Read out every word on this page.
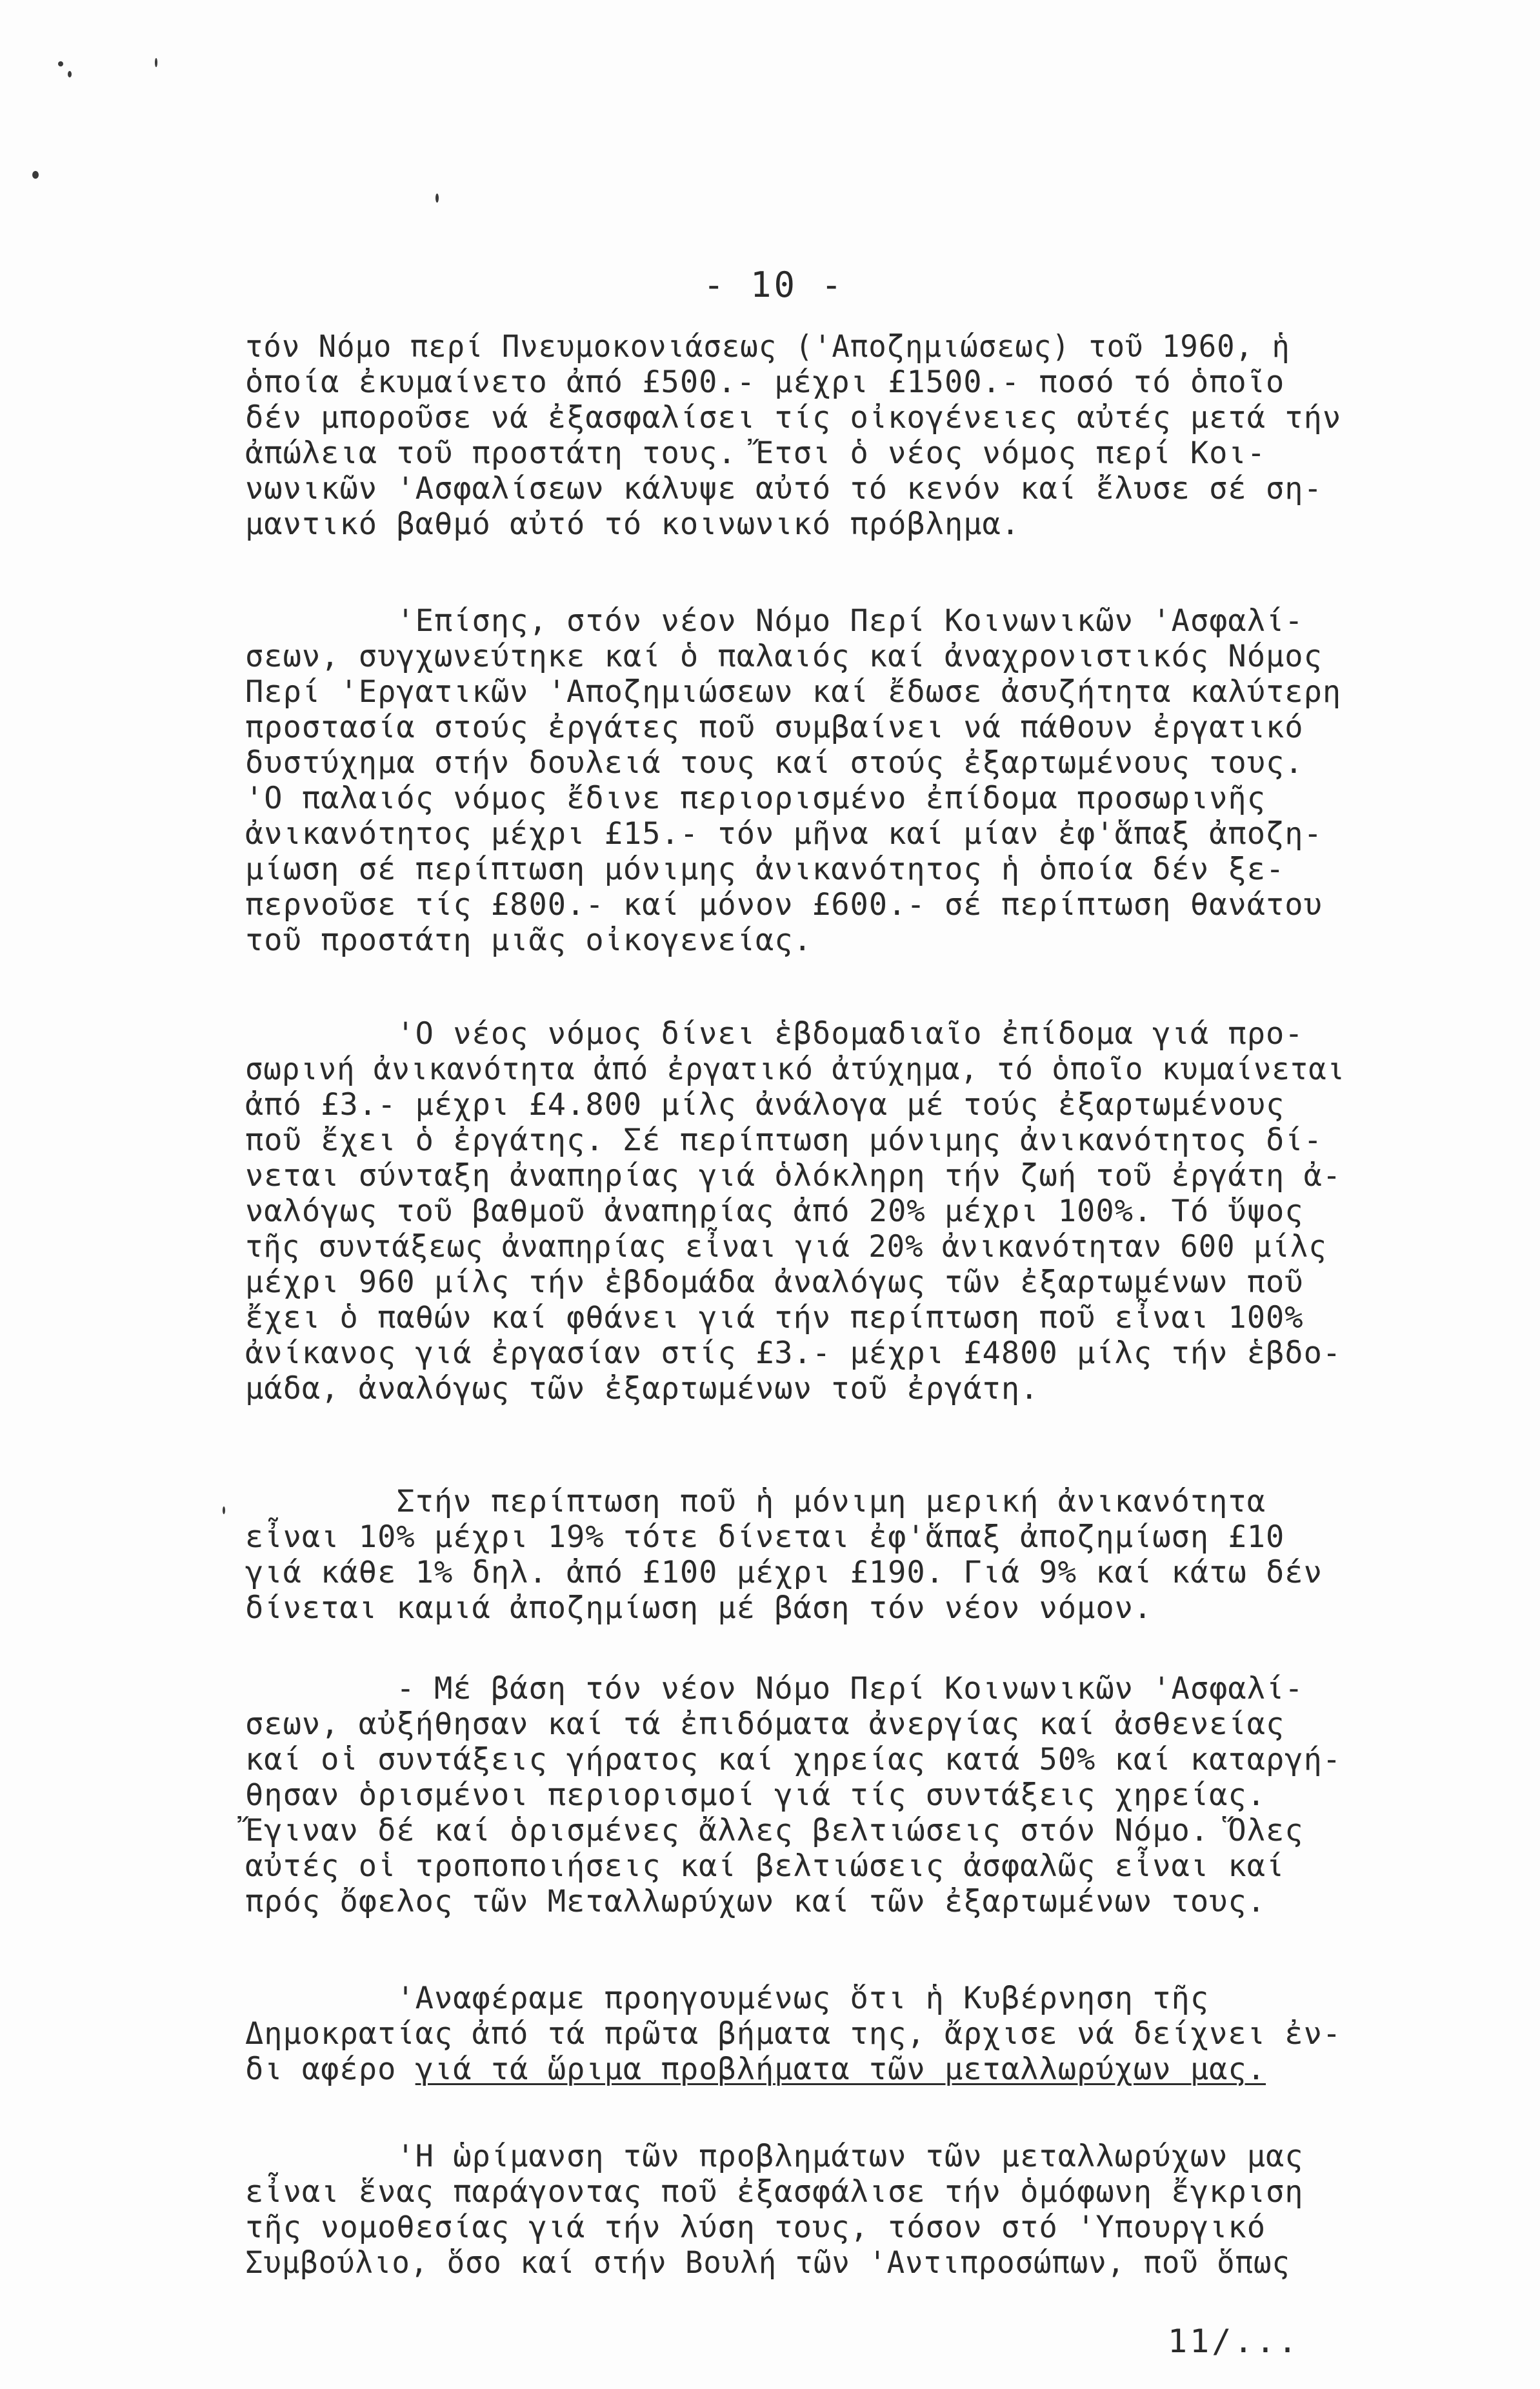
- 10 -
τόν Νόμο περί Πνευμοκονιάσεως ('Αποζημιώσεως) τοῦ 1960, ἡ
ὁποία ἐκυμαίνετο ἀπό £500.- μέχρι £1500.- ποσό τό ὁποῖο
δέν μποροῦσε νά ἐξασφαλίσει τίς οἰκογένειες αὐτές μετά τήν
ἀπώλεια τοῦ προστάτη τους. Ἔτσι ὁ νέος νόμος περί Κοι-
νωνικῶν 'Ασφαλίσεων κάλυψε αὐτό τό κενόν καί ἔλυσε σέ ση-
μαντικό βαθμό αὐτό τό κοινωνικό πρόβλημα.
'Επίσης, στόν νέον Νόμο Περί Κοινωνικῶν 'Ασφαλί-
σεων, συγχωνεύτηκε καί ὁ παλαιός καί ἀναχρονιστικός Νόμος
Περί 'Εργατικῶν 'Αποζημιώσεων καί ἔδωσε ἀσυζήτητα καλύτερη
προστασία στούς ἐργάτες ποῦ συμβαίνει νά πάθουν ἐργατικό
δυστύχημα στήν δουλειά τους καί στούς ἐξαρτωμένους τους.
'Ο παλαιός νόμος ἔδινε περιορισμένο ἐπίδομα προσωρινῆς
ἀνικανότητος μέχρι £15.- τόν μῆνα καί μίαν ἐφ'ἅπαξ ἀποζη-
μίωση σέ περίπτωση μόνιμης ἀνικανότητος ἡ ὁποία δέν ξε-
περνοῦσε τίς £800.- καί μόνον £600.- σέ περίπτωση θανάτου
τοῦ προστάτη μιᾶς οἰκογενείας.
'Ο νέος νόμος δίνει ἑβδομαδιαῖο ἐπίδομα γιά προ-
σωρινή ἀνικανότητα ἀπό ἐργατικό ἀτύχημα, τό ὁποῖο κυμαίνεται
ἀπό £3.- μέχρι £4.800 μίλς ἀνάλογα μέ τούς ἐξαρτωμένους
ποῦ ἔχει ὁ ἐργάτης. Σέ περίπτωση μόνιμης ἀνικανότητος δί-
νεται σύνταξη ἀναπηρίας γιά ὁλόκληρη τήν ζωή τοῦ ἐργάτη ἀ-
ναλόγως τοῦ βαθμοῦ ἀναπηρίας ἀπό 20% μέχρι 100%. Τό ὕψος
τῆς συντάξεως ἀναπηρίας εἶναι γιά 20% ἀνικανότηταν 600 μίλς
μέχρι 960 μίλς τήν ἑβδομάδα ἀναλόγως τῶν ἐξαρτωμένων ποῦ
ἔχει ὁ παθών καί φθάνει γιά τήν περίπτωση ποῦ εἶναι 100%
ἀνίκανος γιά ἐργασίαν στίς £3.- μέχρι £4800 μίλς τήν ἑβδο-
μάδα, ἀναλόγως τῶν ἐξαρτωμένων τοῦ ἐργάτη.
Στήν περίπτωση ποῦ ἡ μόνιμη μερική ἀνικανότητα
εἶναι 10% μέχρι 19% τότε δίνεται ἐφ'ἅπαξ ἀποζημίωση £10
γιά κάθε 1% δηλ. ἀπό £100 μέχρι £190. Γιά 9% καί κάτω δέν
δίνεται καμιά ἀποζημίωση μέ βάση τόν νέον νόμον.
- Μέ βάση τόν νέον Νόμο Περί Κοινωνικῶν 'Ασφαλί-
σεων, αὐξήθησαν καί τά ἐπιδόματα ἀνεργίας καί ἀσθενείας
καί οἱ συντάξεις γήρατος καί χηρείας κατά 50% καί καταργή-
θησαν ὁρισμένοι περιορισμοί γιά τίς συντάξεις χηρείας.
Ἔγιναν δέ καί ὁρισμένες ἄλλες βελτιώσεις στόν Νόμο. Ὅλες
αὐτές οἱ τροποποιήσεις καί βελτιώσεις ἀσφαλῶς εἶναι καί
πρός ὄφελος τῶν Μεταλλωρύχων καί τῶν ἐξαρτωμένων τους.
'Αναφέραμε προηγουμένως ὅτι ἡ Κυβέρνηση τῆς
Δημοκρατίας ἀπό τά πρῶτα βήματα της, ἄρχισε νά δείχνει ἐν-
δι αφέρο γιά τά ὥριμα προβλήματα τῶν μεταλλωρύχων μας.
'Η ὡρίμανση τῶν προβλημάτων τῶν μεταλλωρύχων μας
εἶναι ἕνας παράγοντας ποῦ ἐξασφάλισε τήν ὁμόφωνη ἔγκριση
τῆς νομοθεσίας γιά τήν λύση τους, τόσον στό 'Υπουργικό
Συμβούλιο, ὅσο καί στήν Βουλή τῶν 'Αντιπροσώπων, ποῦ ὅπως
11/...
